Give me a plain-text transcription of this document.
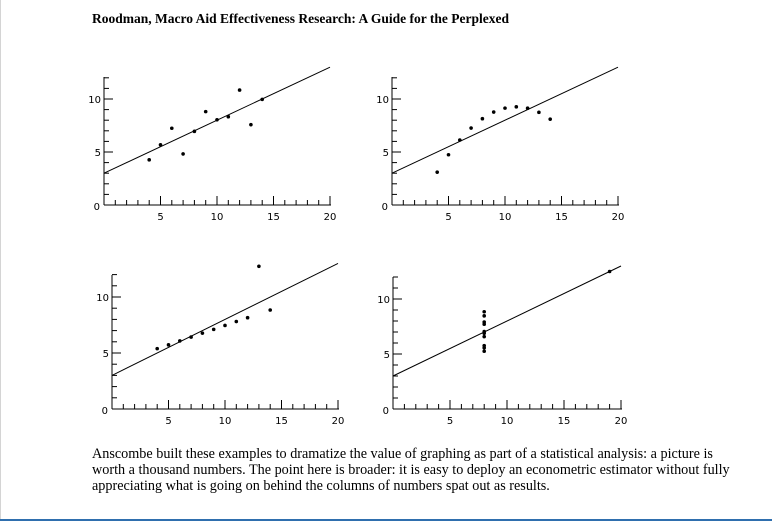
Roodman, Macro Aid Effectiveness Research: A Guide for the Perplexed
5	10	15	20
0
5
10
5	10	15	20
0
5
10
5	10	15	20
0
5
10
5	10	15	20
0
5
10

Anscombe built these examples to dramatize the value of graphing as part of a statistical analysis: a picture is worth a thousand numbers. The point here is broader: it is easy to deploy an econometric estimator without fully appreciating what is going on behind the columns of numbers spat out as results.
